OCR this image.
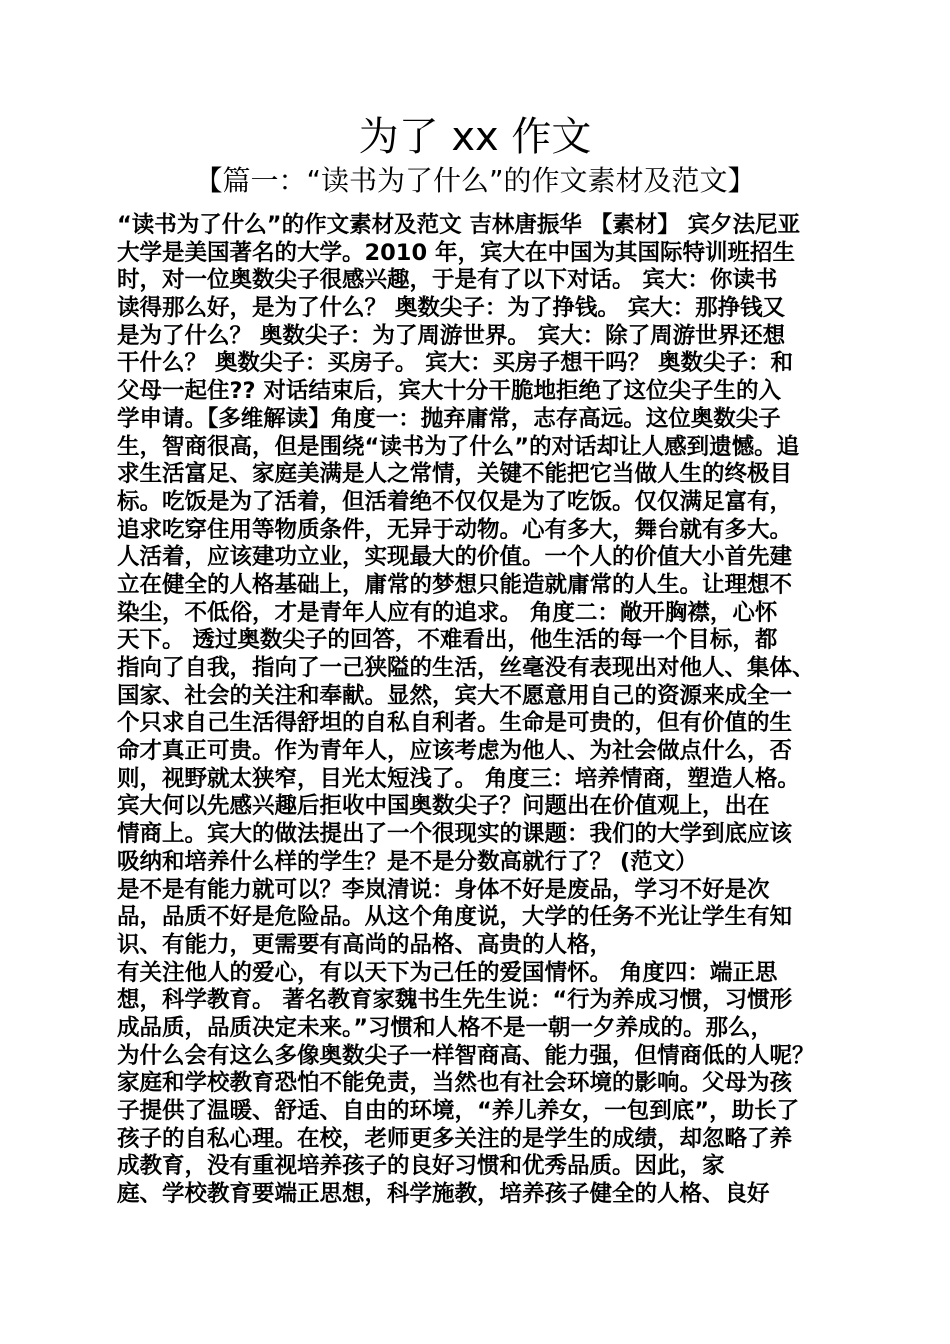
为了 xx 作文
【篇一：“读书为了什么”的作文素材及范文】
“读书为了什么”的作文素材及范文 吉林唐振华 【素材】 宾夕法尼亚
大学是美国著名的大学。2010 年，宾大在中国为其国际特训班招生
时，对一位奥数尖子很感兴趣，于是有了以下对话。 宾大：你读书
读得那么好，是为了什么？ 奥数尖子：为了挣钱。 宾大：那挣钱又
是为了什么？ 奥数尖子：为了周游世界。 宾大：除了周游世界还想
干什么？ 奥数尖子：买房子。 宾大：买房子想干吗？ 奥数尖子：和
父母一起住?? 对话结束后，宾大十分干脆地拒绝了这位尖子生的入
学申请。【多维解读】角度一：抛弃庸常，志存高远。这位奥数尖子
生，智商很高，但是围绕“读书为了什么”的对话却让人感到遗憾。追
求生活富足、家庭美满是人之常情，关键不能把它当做人生的终极目
标。吃饭是为了活着，但活着绝不仅仅是为了吃饭。仅仅满足富有，
追求吃穿住用等物质条件，无异于动物。心有多大，舞台就有多大。
人活着，应该建功立业，实现最大的价值。一个人的价值大小首先建
立在健全的人格基础上，庸常的梦想只能造就庸常的人生。让理想不
染尘，不低俗，才是青年人应有的追求。 角度二：敞开胸襟，心怀
天下。 透过奥数尖子的回答，不难看出，他生活的每一个目标，都
指向了自我，指向了一己狭隘的生活，丝毫没有表现出对他人、集体、
国家、社会的关注和奉献。显然，宾大不愿意用自己的资源来成全一
个只求自己生活得舒坦的自私自利者。生命是可贵的，但有价值的生
命才真正可贵。作为青年人，应该考虑为他人、为社会做点什么，否
则，视野就太狭窄，目光太短浅了。 角度三：培养情商，塑造人格。
宾大何以先感兴趣后拒收中国奥数尖子？问题出在价值观上，出在
情商上。宾大的做法提出了一个很现实的课题：我们的大学到底应该
吸纳和培养什么样的学生？是不是分数高就行了？ (范文）
是不是有能力就可以？李岚清说：身体不好是废品，学习不好是次
品，品质不好是危险品。从这个角度说，大学的任务不光让学生有知
识、有能力，更需要有高尚的品格、高贵的人格，
有关注他人的爱心，有以天下为己任的爱国情怀。 角度四：端正思
想，科学教育。 著名教育家魏书生先生说：“行为养成习惯，习惯形
成品质，品质决定未来。”习惯和人格不是一朝一夕养成的。那么，
为什么会有这么多像奥数尖子一样智商高、能力强，但情商低的人呢？
家庭和学校教育恐怕不能免责，当然也有社会环境的影响。父母为孩
子提供了温暖、舒适、自由的环境，“养儿养女，一包到底”，助长了
孩子的自私心理。在校，老师更多关注的是学生的成绩，却忽略了养
成教育，没有重视培养孩子的良好习惯和优秀品质。因此，家
庭、学校教育要端正思想，科学施教，培养孩子健全的人格、良好
